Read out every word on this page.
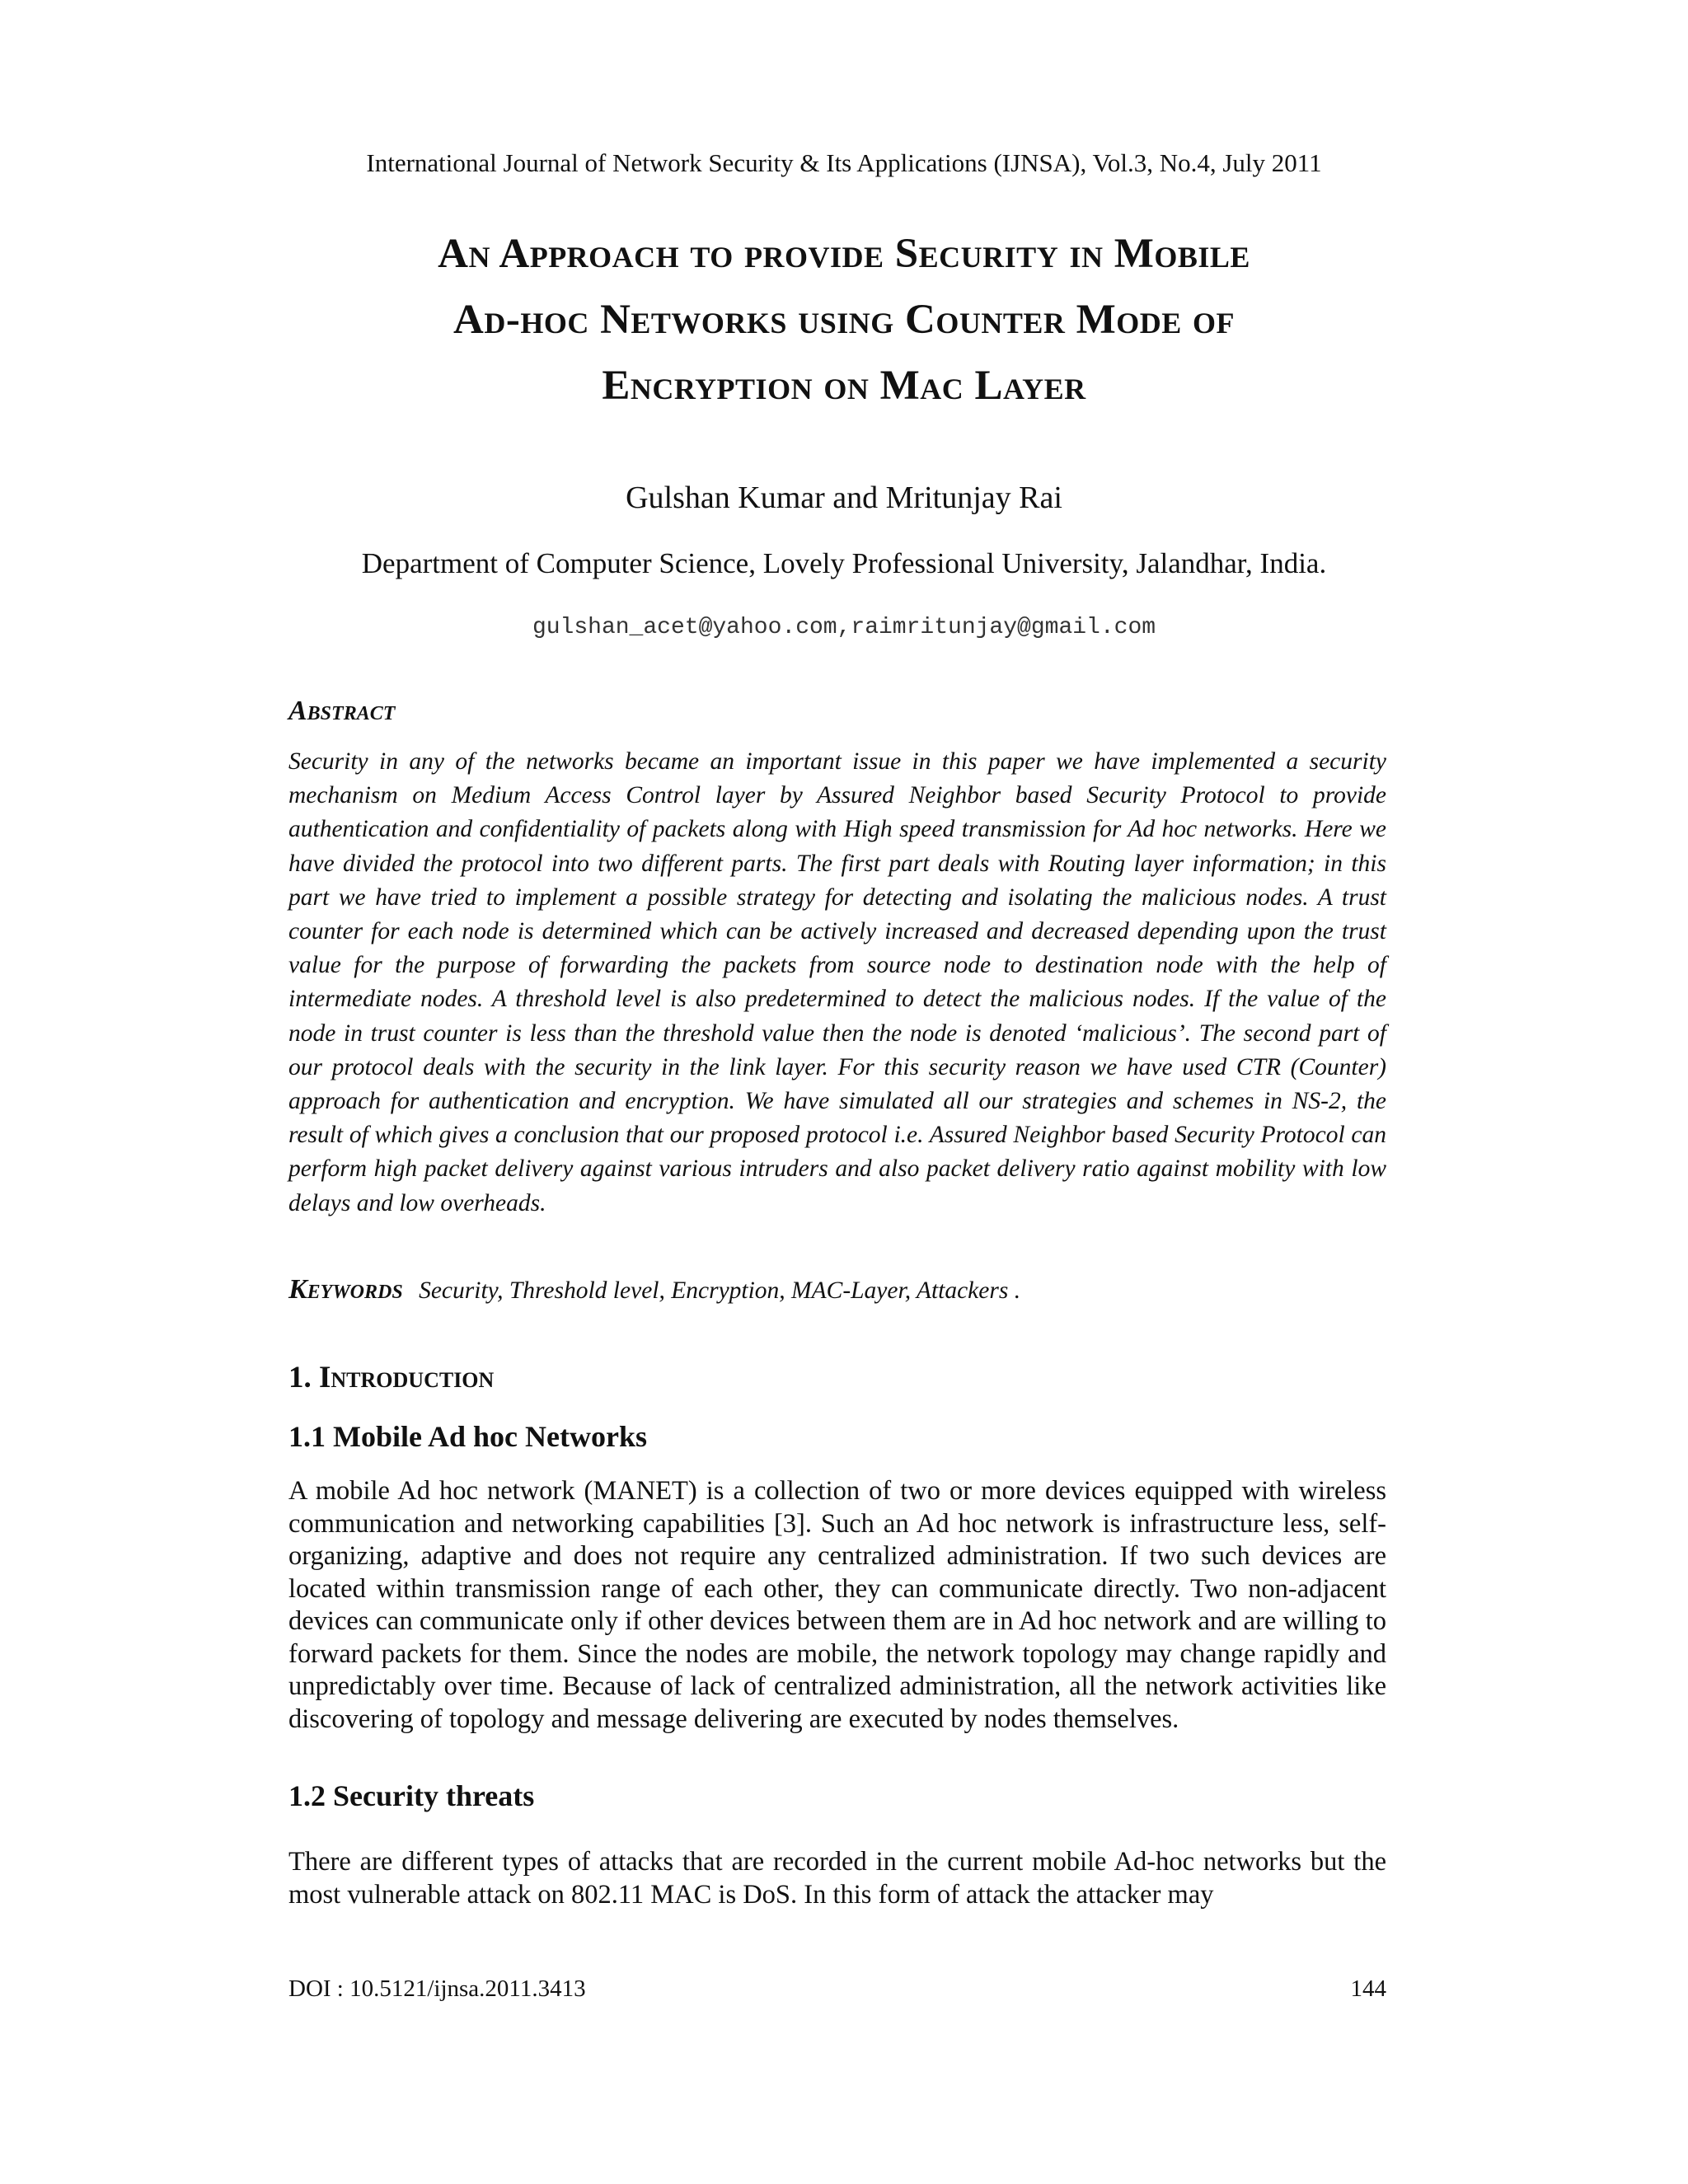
International Journal of Network Security & Its Applications (IJNSA), Vol.3, No.4, July 2011
An Approach to provide Security in Mobile
Ad-hoc Networks using Counter Mode of
Encryption on Mac Layer
Gulshan Kumar and Mritunjay Rai
Department of Computer Science, Lovely Professional University, Jalandhar, India.
gulshan_acet@yahoo.com,raimritunjay@gmail.com
Abstract

Security in any of the networks became an important issue in this paper we have implemented a security mechanism on Medium Access Control layer by Assured Neighbor based Security Protocol to provide authentication and confidentiality of packets along with High speed transmission for Ad hoc networks. Here we have divided the protocol into two different parts. The first part deals with Routing layer information; in this part we have tried to implement a possible strategy for detecting and isolating the malicious nodes. A trust counter for each node is determined which can be actively increased and decreased depending upon the trust value for the purpose of forwarding the packets from source node to destination node with the help of intermediate nodes. A threshold level is also predetermined to detect the malicious nodes. If the value of the node in trust counter is less than the threshold value then the node is denoted ‘malicious’. The second part of our protocol deals with the security in the link layer. For this security reason we have used CTR (Counter) approach for authentication and encryption. We have simulated all our strategies and schemes in NS-2, the result of which gives a conclusion that our proposed protocol i.e. Assured Neighbor based Security Protocol can perform high packet delivery against various intruders and also packet delivery ratio against mobility with low delays and low overheads.

Keywords Security, Threshold level, Encryption, MAC-Layer, Attackers .
1. Introduction
1.1 Mobile Ad hoc Networks

A mobile Ad hoc network (MANET) is a collection of two or more devices equipped with wireless communication and networking capabilities [3]. Such an Ad hoc network is infrastructure less, self-organizing, adaptive and does not require any centralized administration. If two such devices are located within transmission range of each other, they can communicate directly. Two non-adjacent devices can communicate only if other devices between them are in Ad hoc network and are willing to forward packets for them. Since the nodes are mobile, the network topology may change rapidly and unpredictably over time. Because of lack of centralized administration, all the network activities like discovering of topology and message delivering are executed by nodes themselves.

1.2 Security threats

There are different types of attacks that are recorded in the current mobile Ad-hoc networks but the most vulnerable attack on 802.11 MAC is DoS. In this form of attack the attacker may

DOI : 10.5121/ijnsa.2011.3413	144
